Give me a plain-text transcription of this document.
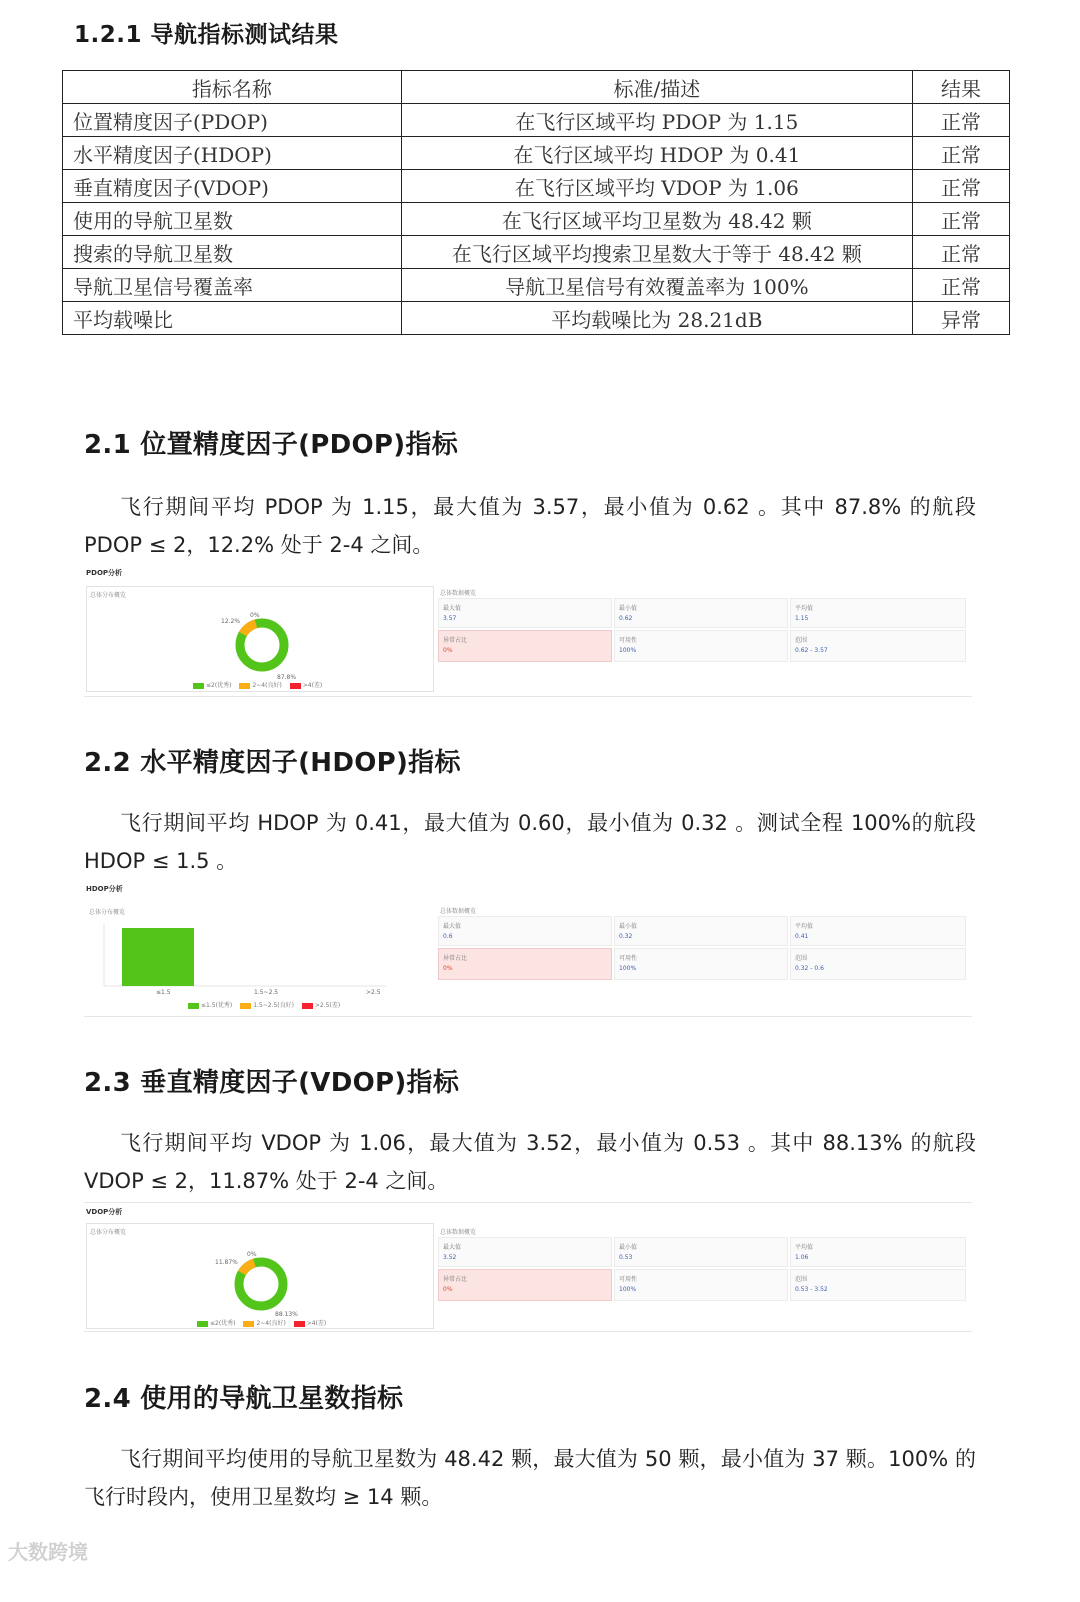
1.2.1 导航指标测试结果
指标名称	标准/描述	结果
位置精度因子(PDOP)	在飞行区域平均 PDOP 为 1.15	正常
水平精度因子(HDOP)	在飞行区域平均 HDOP 为 0.41	正常
垂直精度因子(VDOP)	在飞行区域平均 VDOP 为 1.06	正常
使用的导航卫星数	在飞行区域平均卫星数为 48.42 颗	正常
搜索的导航卫星数	在飞行区域平均搜索卫星数大于等于 48.42 颗	正常
导航卫星信号覆盖率	导航卫星信号有效覆盖率为 100%	正常
平均载噪比	平均载噪比为 28.21dB	异常
2.1 位置精度因子(PDOP)指标
飞行期间平均 PDOP 为 1.15，最大值为 3.57，最小值为 0.62 。其中 87.8% 的航段 PDOP ≤ 2，12.2% 处于 2-4 之间。
PDOP分析
总体分布概览
12.2%
0%
87.8%
≤2(优秀)	2~4(良好)	>4(差)
总体数据概览
最大值
3.57
最小值
0.62
平均值
1.15
异常占比
0%
可用性
100%
范围
0.62 - 3.57
2.2 水平精度因子(HDOP)指标
飞行期间平均 HDOP 为 0.41，最大值为 0.60，最小值为 0.32 。测试全程 100%的航段 HDOP ≤ 1.5 。
HDOP分析
总体分布概览
≤1.5	1.5~2.5	>2.5
≤1.5(优秀)	1.5~2.5(良好)	>2.5(差)
总体数据概览
最大值
0.6
最小值
0.32
平均值
0.41
异常占比
0%
可用性
100%
范围
0.32 - 0.6
2.3 垂直精度因子(VDOP)指标
飞行期间平均 VDOP 为 1.06，最大值为 3.52，最小值为 0.53 。其中 88.13% 的航段 VDOP ≤ 2，11.87% 处于 2-4 之间。
VDOP分析
总体分布概览
11.87%
0%
88.13%
≤2(优秀)	2~4(良好)	>4(差)
总体数据概览
最大值
3.52
最小值
0.53
平均值
1.06
异常占比
0%
可用性
100%
范围
0.53 - 3.52
2.4 使用的导航卫星数指标
飞行期间平均使用的导航卫星数为 48.42 颗，最大值为 50 颗，最小值为 37 颗。100% 的飞行时段内，使用卫星数均 ≥ 14 颗。
大数跨境
